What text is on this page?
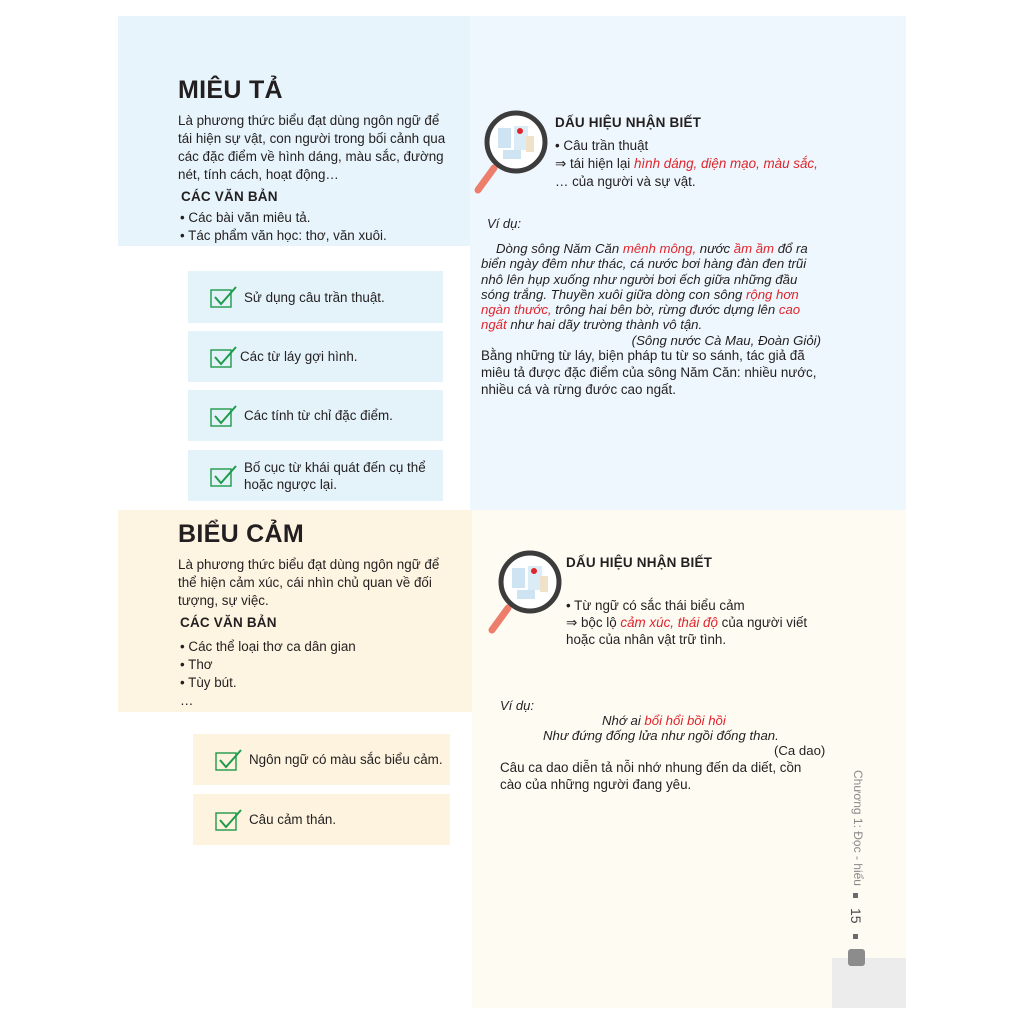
MIÊU TẢ
Là phương thức biểu đạt dùng ngôn ngữ để
tái hiện sự vật, con người trong bối cảnh qua
các đặc điểm về hình dáng, màu sắc, đường
nét, tính cách, hoạt động…
CÁC VĂN BẢN
• Các bài văn miêu tả.
• Tác phẩm văn học: thơ, văn xuôi.
Sử dụng câu trần thuật.
Các từ láy gợi hình.
Các tính từ chỉ đặc điểm.
Bố cục từ khái quát đến cụ thể
hoặc ngược lại.
DẤU HIỆU NHẬN BIẾT
• Câu trần thuật
⇒ tái hiện lại hình dáng, diện mạo, màu sắc,
… của người và sự vật.
Ví dụ:
Dòng sông Năm Căn mênh mông, nước ầm ầm đổ ra
biển ngày đêm như thác, cá nước bơi hàng đàn đen trũi
nhô lên hụp xuống như người bơi ếch giữa những đầu
sóng trắng. Thuyền xuôi giữa dòng con sông rộng hơn
ngàn thước, trông hai bên bờ, rừng đước dựng lên cao
ngất như hai dãy trường thành vô tận.
(Sông nước Cà Mau, Đoàn Giỏi)
Bằng những từ láy, biện pháp tu từ so sánh, tác giả đã
miêu tả được đặc điểm của sông Năm Căn: nhiều nước,
nhiều cá và rừng đước cao ngất.
BIỂU CẢM
Là phương thức biểu đạt dùng ngôn ngữ để
thể hiện cảm xúc, cái nhìn chủ quan về đối
tượng, sự việc.
CÁC VĂN BẢN
• Các thể loại thơ ca dân gian
• Thơ
• Tùy bút.
…
Ngôn ngữ có màu sắc biểu cảm.
Câu cảm thán.
DẤU HIỆU NHẬN BIẾT
• Từ ngữ có sắc thái biểu cảm
⇒ bộc lộ cảm xúc, thái độ của người viết
hoặc của nhân vật trữ tình.
Ví dụ:
Nhớ ai bổi hổi bồi hồi
Như đứng đống lửa như ngồi đống than.
(Ca dao)
Câu ca dao diễn tả nỗi nhớ nhung đến da diết, cồn
cào của những người đang yêu.	Chương 1: Đọc - hiểu
15
